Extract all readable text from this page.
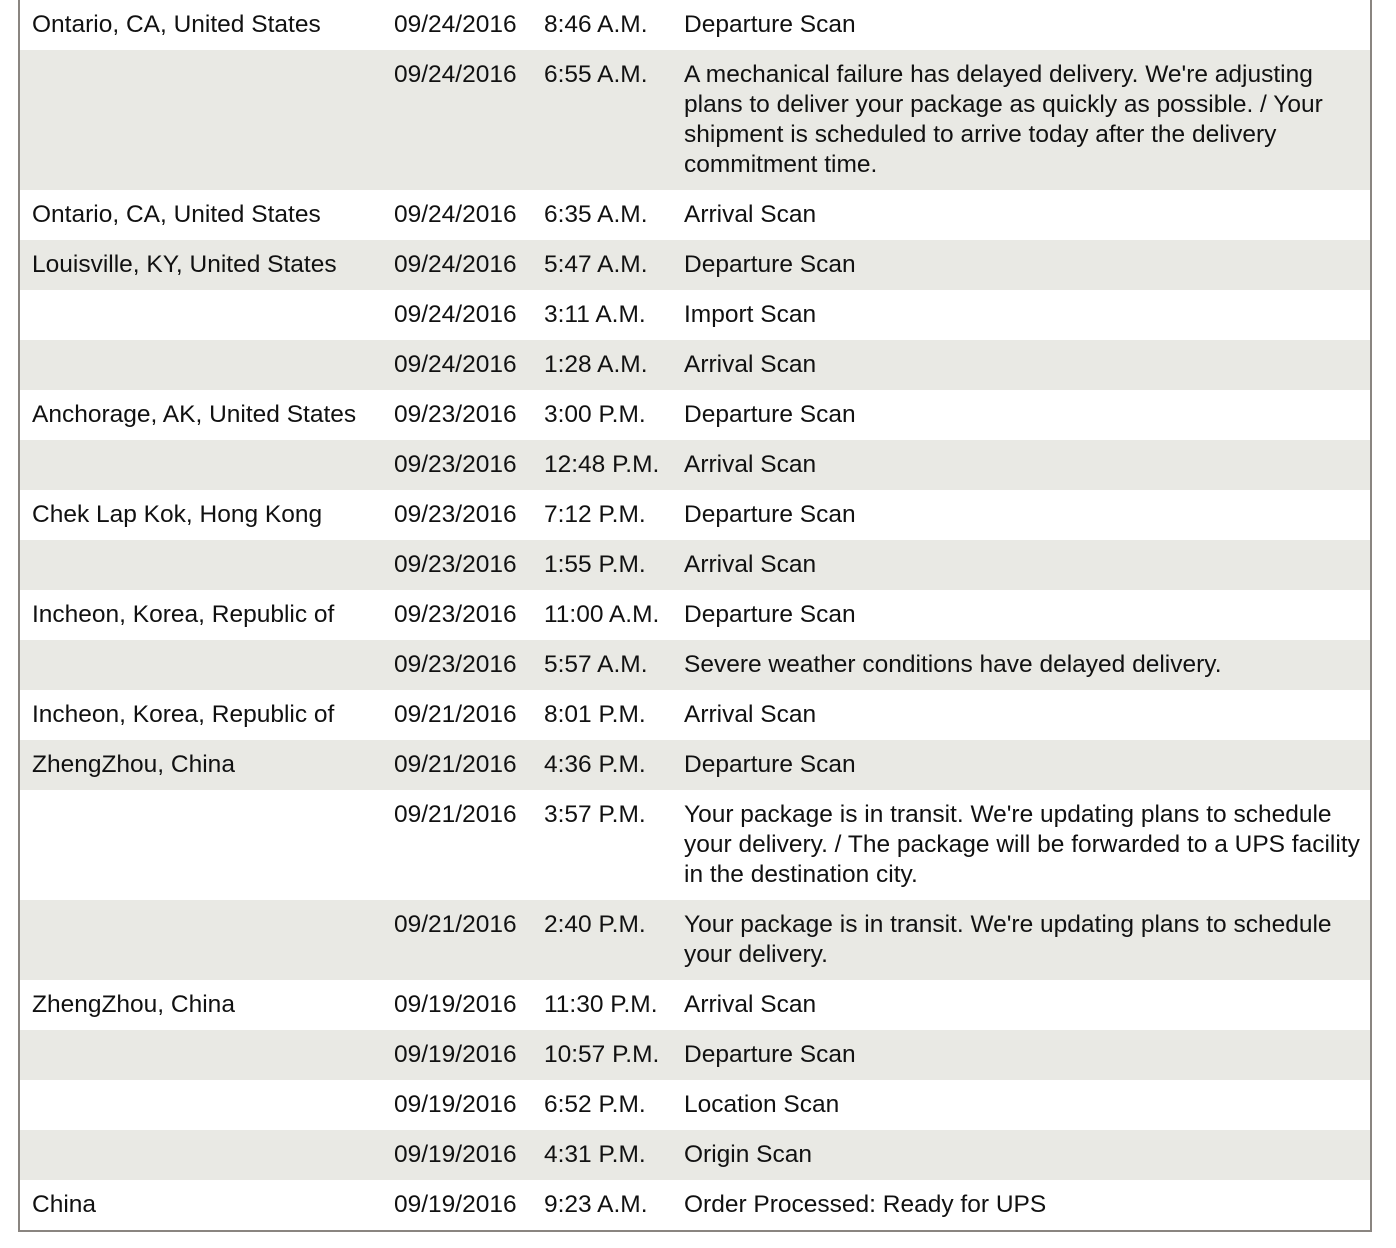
Ontario, CA, United States	09/24/2016	8:46 A.M.	Departure Scan
	09/24/2016	6:55 A.M.	A mechanical failure has delayed delivery. We're adjusting plans to deliver your package as quickly as possible. / Your shipment is scheduled to arrive today after the delivery commitment time.
Ontario, CA, United States	09/24/2016	6:35 A.M.	Arrival Scan
Louisville, KY, United States	09/24/2016	5:47 A.M.	Departure Scan
	09/24/2016	3:11 A.M.	Import Scan
	09/24/2016	1:28 A.M.	Arrival Scan
Anchorage, AK, United States	09/23/2016	3:00 P.M.	Departure Scan
	09/23/2016	12:48 P.M.	Arrival Scan
Chek Lap Kok, Hong Kong	09/23/2016	7:12 P.M.	Departure Scan
	09/23/2016	1:55 P.M.	Arrival Scan
Incheon, Korea, Republic of	09/23/2016	11:00 A.M.	Departure Scan
	09/23/2016	5:57 A.M.	Severe weather conditions have delayed delivery.
Incheon, Korea, Republic of	09/21/2016	8:01 P.M.	Arrival Scan
ZhengZhou, China	09/21/2016	4:36 P.M.	Departure Scan
	09/21/2016	3:57 P.M.	Your package is in transit. We're updating plans to schedule your delivery. / The package will be forwarded to a UPS facility in the destination city.
	09/21/2016	2:40 P.M.	Your package is in transit. We're updating plans to schedule your delivery.
ZhengZhou, China	09/19/2016	11:30 P.M.	Arrival Scan
	09/19/2016	10:57 P.M.	Departure Scan
	09/19/2016	6:52 P.M.	Location Scan
	09/19/2016	4:31 P.M.	Origin Scan
China	09/19/2016	9:23 A.M.	Order Processed: Ready for UPS
